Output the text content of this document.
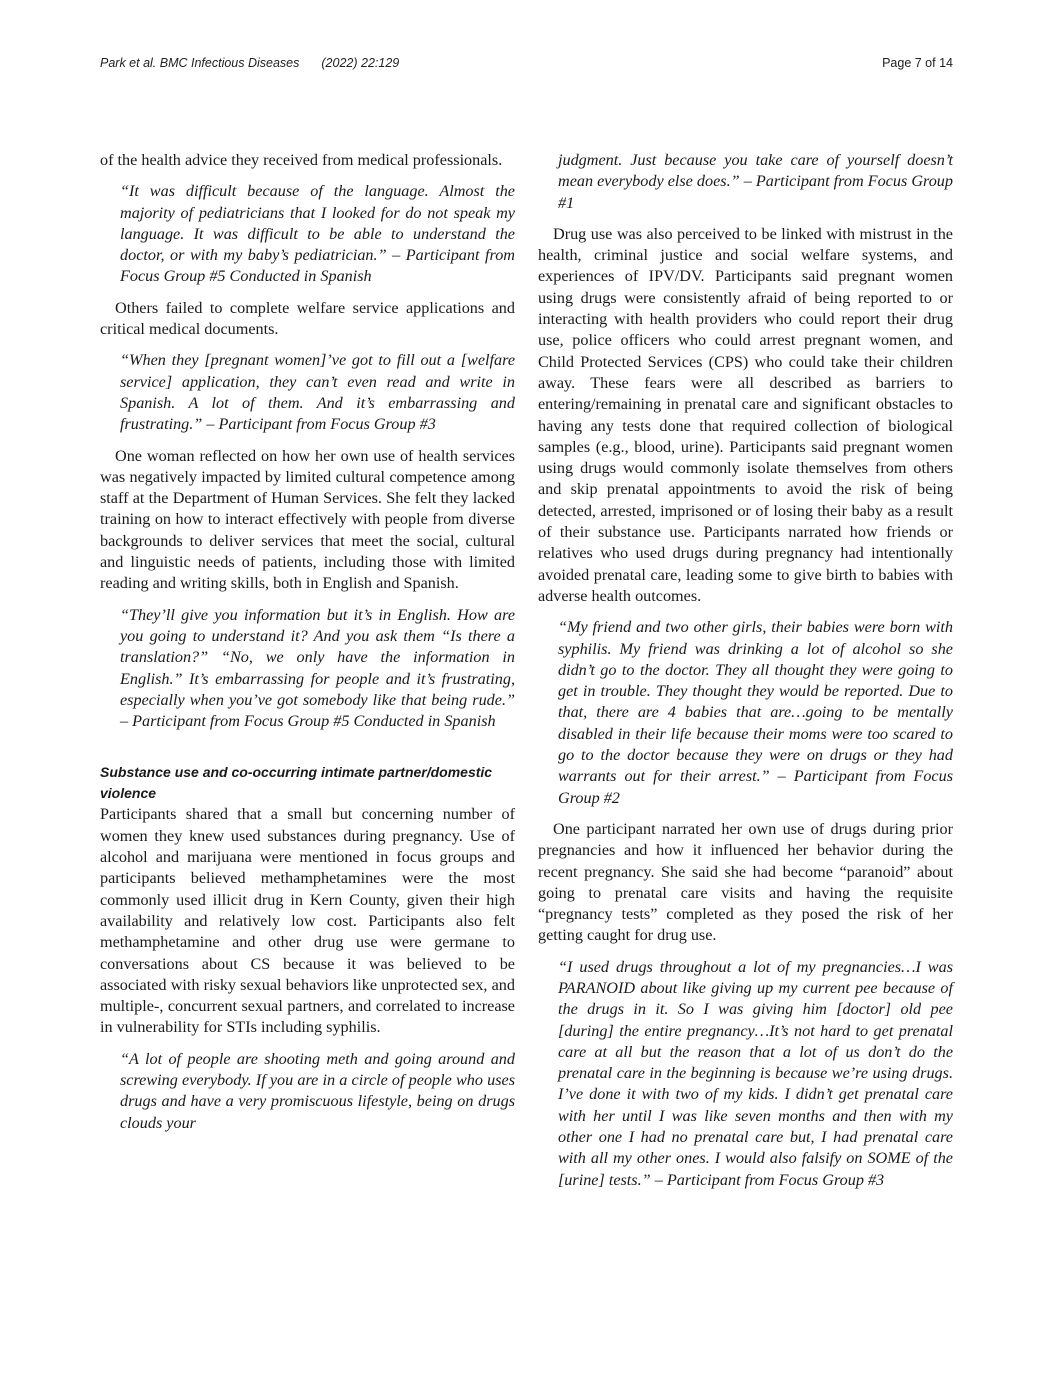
Park et al. BMC Infectious Diseases (2022) 22:129	Page 7 of 14

of the health advice they received from medical professionals.

“It was difficult because of the language. Almost the majority of pediatricians that I looked for do not speak my language. It was difficult to be able to understand the doctor, or with my baby’s pediatrician.” – Participant from Focus Group #5 Conducted in Spanish

Others failed to complete welfare service applications and critical medical documents.

“When they [pregnant women]’ve got to fill out a [welfare service] application, they can’t even read and write in Spanish. A lot of them. And it’s embarrassing and frustrating.” – Participant from Focus Group #3

One woman reflected on how her own use of health services was negatively impacted by limited cultural competence among staff at the Department of Human Services. She felt they lacked training on how to interact effectively with people from diverse backgrounds to deliver services that meet the social, cultural and linguistic needs of patients, including those with limited reading and writing skills, both in English and Spanish.

“They’ll give you information but it’s in English. How are you going to understand it? And you ask them “Is there a translation?” “No, we only have the information in English.” It’s embarrassing for people and it’s frustrating, especially when you’ve got somebody like that being rude.” – Participant from Focus Group #5 Conducted in Spanish
Substance use and co-occurring intimate partner/domestic violence

Participants shared that a small but concerning number of women they knew used substances during pregnancy. Use of alcohol and marijuana were mentioned in focus groups and participants believed methamphetamines were the most commonly used illicit drug in Kern County, given their high availability and relatively low cost. Participants also felt methamphetamine and other drug use were germane to conversations about CS because it was believed to be associated with risky sexual behaviors like unprotected sex, and multiple-, concurrent sexual partners, and correlated to increase in vulnerability for STIs including syphilis.

“A lot of people are shooting meth and going around and screwing everybody. If you are in a circle of people who uses drugs and have a very promiscuous lifestyle, being on drugs clouds your
judgment. Just because you take care of yourself doesn’t mean everybody else does.” – Participant from Focus Group #1

Drug use was also perceived to be linked with mistrust in the health, criminal justice and social welfare systems, and experiences of IPV/DV. Participants said pregnant women using drugs were consistently afraid of being reported to or interacting with health providers who could report their drug use, police officers who could arrest pregnant women, and Child Protected Services (CPS) who could take their children away. These fears were all described as barriers to entering/remaining in prenatal care and significant obstacles to having any tests done that required collection of biological samples (e.g., blood, urine). Participants said pregnant women using drugs would commonly isolate themselves from others and skip prenatal appointments to avoid the risk of being detected, arrested, imprisoned or of losing their baby as a result of their substance use. Participants narrated how friends or relatives who used drugs during pregnancy had intentionally avoided prenatal care, leading some to give birth to babies with adverse health outcomes.

“My friend and two other girls, their babies were born with syphilis. My friend was drinking a lot of alcohol so she didn’t go to the doctor. They all thought they were going to get in trouble. They thought they would be reported. Due to that, there are 4 babies that are…going to be mentally disabled in their life because their moms were too scared to go to the doctor because they were on drugs or they had warrants out for their arrest.” – Participant from Focus Group #2

One participant narrated her own use of drugs during prior pregnancies and how it influenced her behavior during the recent pregnancy. She said she had become “paranoid” about going to prenatal care visits and having the requisite “pregnancy tests” completed as they posed the risk of her getting caught for drug use.

“I used drugs throughout a lot of my pregnancies…I was PARANOID about like giving up my current pee because of the drugs in it. So I was giving him [doctor] old pee [during] the entire pregnancy…It’s not hard to get prenatal care at all but the reason that a lot of us don’t do the prenatal care in the beginning is because we’re using drugs. I’ve done it with two of my kids. I didn’t get prenatal care with her until I was like seven months and then with my other one I had no prenatal care but, I had prenatal care with all my other ones. I would also falsify on SOME of the [urine] tests.” – Participant from Focus Group #3
